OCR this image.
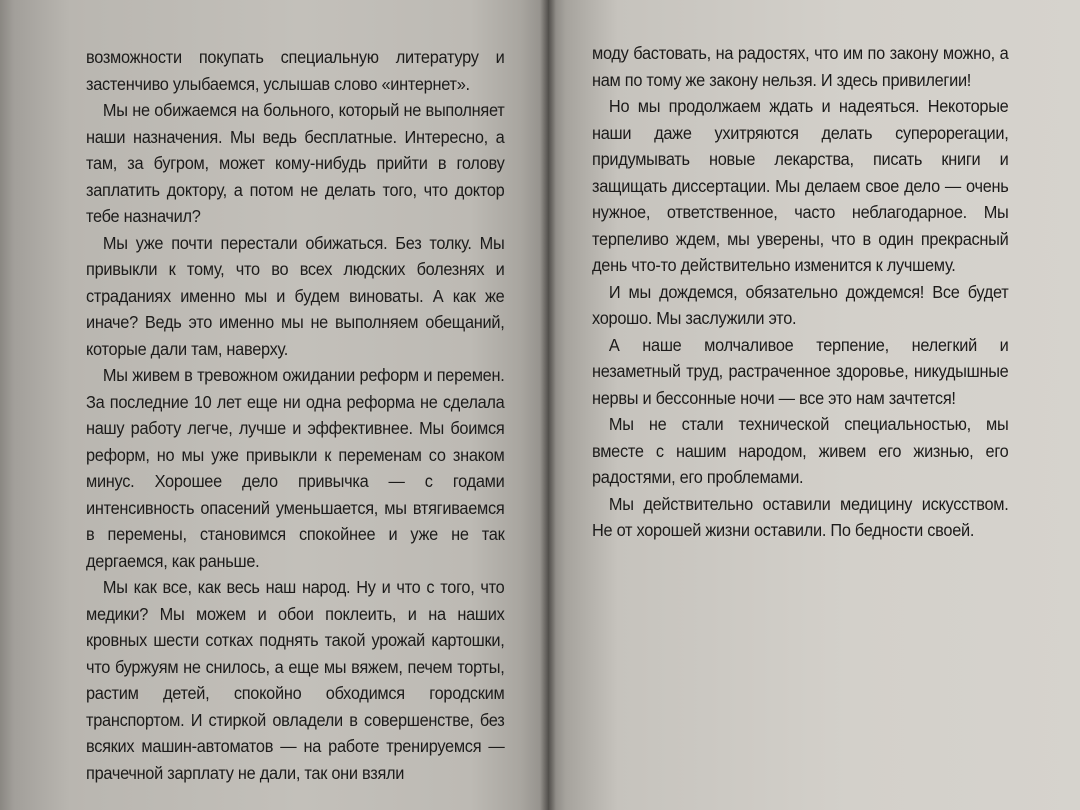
возможности покупать специальную литературу и застенчиво улыбаемся, услышав слово «интернет».

Мы не обижаемся на больного, который не выполняет наши назначения. Мы ведь бесплатные. Интересно, а там, за бугром, может кому-нибудь прийти в голову заплатить доктору, а потом не делать того, что доктор тебе назначил?

Мы уже почти перестали обижаться. Без толку. Мы привыкли к тому, что во всех людских болезнях и страданиях именно мы и будем виноваты. А как же иначе? Ведь это именно мы не выполняем обещаний, которые дали там, наверху.

Мы живем в тревожном ожидании реформ и перемен. За последние 10 лет еще ни одна реформа не сделала нашу работу легче, лучше и эффективнее. Мы боимся реформ, но мы уже привыкли к переменам со знаком минус. Хорошее дело привычка — с годами интенсивность опасений уменьшается, мы втягиваемся в перемены, становимся спокойнее и уже не так дергаемся, как раньше.

Мы как все, как весь наш народ. Ну и что с того, что медики? Мы можем и обои поклеить, и на наших кровных шести сотках поднять такой урожай картошки, что буржуям не снилось, а еще мы вяжем, печем торты, растим детей, спокойно обходимся городским транспортом. И стиркой овладели в совершенстве, без всяких машин-автоматов — на работе тренируемся — прачечной зарплату не дали, так они взяли

моду бастовать, на радостях, что им по закону можно, а нам по тому же закону нельзя. И здесь привилегии!

Но мы продолжаем ждать и надеяться. Некоторые наши даже ухитряются делать суперoperации, придумывать новые лекарства, писать книги и защищать диссертации. Мы делаем свое дело — очень нужное, ответственное, часто неблагодарное. Мы терпеливо ждем, мы уверены, что в один прекрасный день что-то действительно изменится к лучшему.

И мы дождемся, обязательно дождемся! Все будет хорошо. Мы заслужили это.

А наше молчаливое терпение, нелегкий и незаметный труд, растраченное здоровье, никудышные нервы и бессонные ночи — все это нам зачтется!

Мы не стали технической специальностью, мы вместе с нашим народом, живем его жизнью, его радостями, его проблемами.

Мы действительно оставили медицину искусством. Не от хорошей жизни оставили. По бедности своей.
